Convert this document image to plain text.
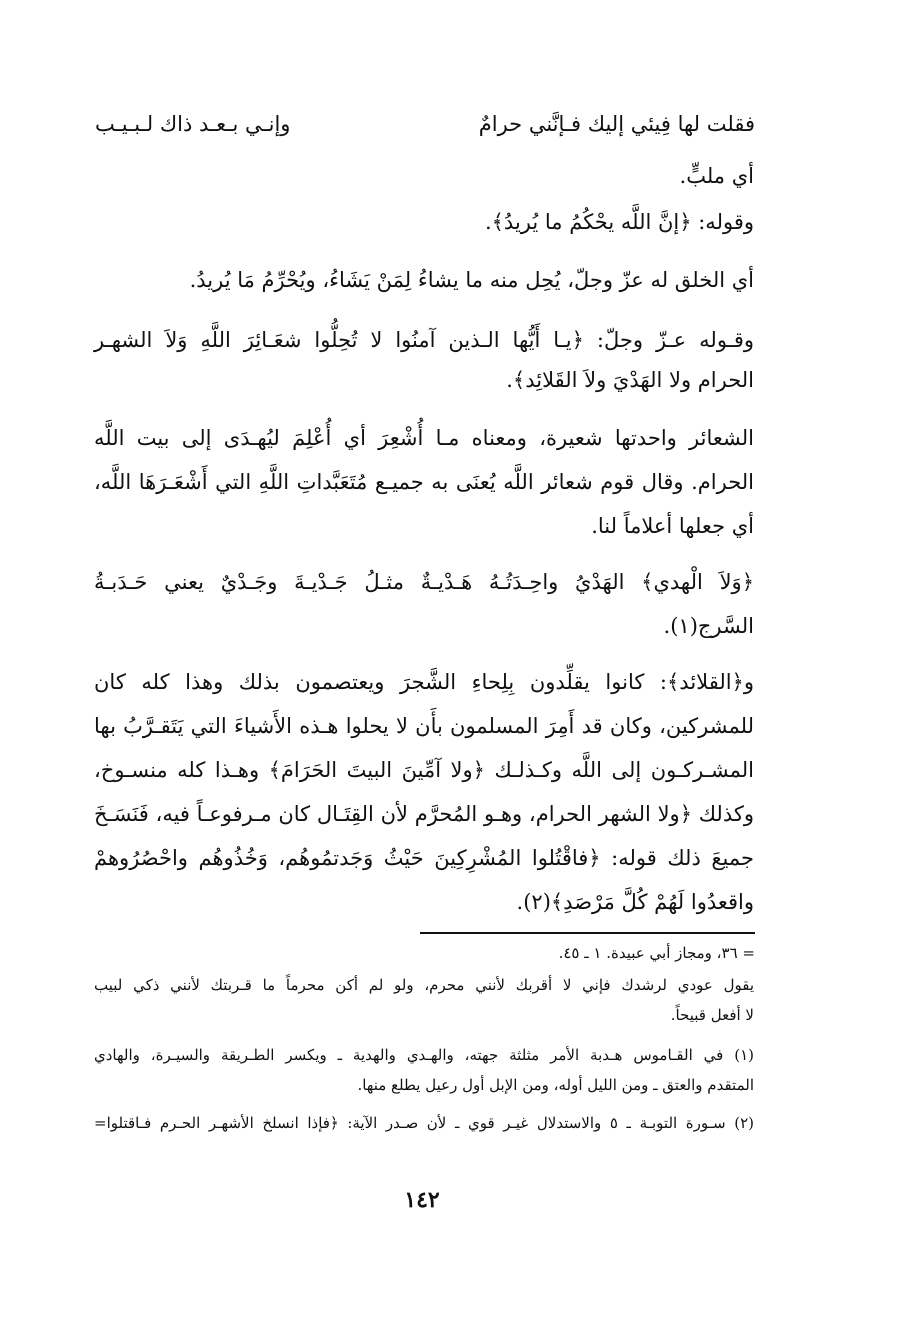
فقلت لها فِيئي إليك فـإنَّني حرامٌ
وإنـي بـعـد ذاك لـبـيـب
أي ملبٍّ.
وقوله: ﴿إنَّ اللَّه يحْكُمُ ما يُريدُ﴾.
أي الخلق له عزّ وجلّ، يُحِل منه ما يشاءُ لِمَنْ يَشَاءُ، ويُحْرِّمُ مَا يُريدُ.
وقـوله عـزّ وجلّ: ﴿يـا أَيُّها الـذين آمنُوا لا تُحِلُّوا شعَـائِرَ اللَّهِ وَلاَ الشهـر
الحرام ولا الهَدْيَ ولاَ القَلائِد﴾.
الشعائر واحدتها شعيرة، ومعناه مـا أُشْعِرَ أي أُعْلِمَ ليُهـدَى إلى بيت اللَّه
الحرام. وقال قوم شعائر اللَّه يُعنَى به جميـع مُتَعَبَّداتِ اللَّهِ التي أَشْعَـرَهَا اللَّه،
أي جعلها أعلاماً لنا.
﴿وَلاَ الْهدي﴾ الهَدْيُ واحِـدَتُـهُ هَـدْيـةٌ مثـلُ جَـدْيـةَ وجَـدْيٌ يعني حَـدَبـةُ
السَّرج(١).
و﴿القلائد﴾: كانوا يقلِّدون بِلِحاءِ الشَّجرَ ويعتصمون بذلك وهذا كله كان
للمشركين، وكان قد أَمِرَ المسلمون بأَن لا يحلوا هـذه الأَشياءَ التي يَتَقـرَّبُ بها
المشـركـون إلى اللَّه وكـذلـك ﴿ولا آمِّينَ البيتَ الحَرَامَ﴾ وهـذا كله منسـوخ،
وكذلك ﴿ولا الشهر الحرام، وهـو المُحرَّم لأن القِتَـال كان مـرفوعـاً فيه، فَنَسَـخَ
جميعَ ذلك قوله: ﴿فاقْتُلوا المُشْرِكِينَ حَيْثُ وَجَدتمُوهُم، وَخُذُوهُم واحْصُرُوهمْ
واقعدُوا لَهُمْ كُلَّ مَرْصَدِ﴾(٢).
= ٣٦، ومجاز أبي عبيدة. ١ ـ ٤٥.
يقول عودي لرشدك فإني لا أقربك لأنني محرم، ولو لم أكن محرماً ما قـربتك لأنني ذكي لبيب
لا أفعل قبيحاً.
(١) في القـاموس هـدبة الأمر مثلثة جهته، والهـدي والهدية ـ ويكسر الطـريقة والسيـرة، والهادي
المتقدم والعتق ـ ومن الليل أوله، ومن الإبل أول رعيل يطلع منها.
(٢) سـورة التوبـة ـ ٥ والاستدلال غيـر قوي ـ لأن صـدر الآية: ﴿فإذا انسلخ الأشهـر الحـرم فـاقتلوا=
١٤٢
